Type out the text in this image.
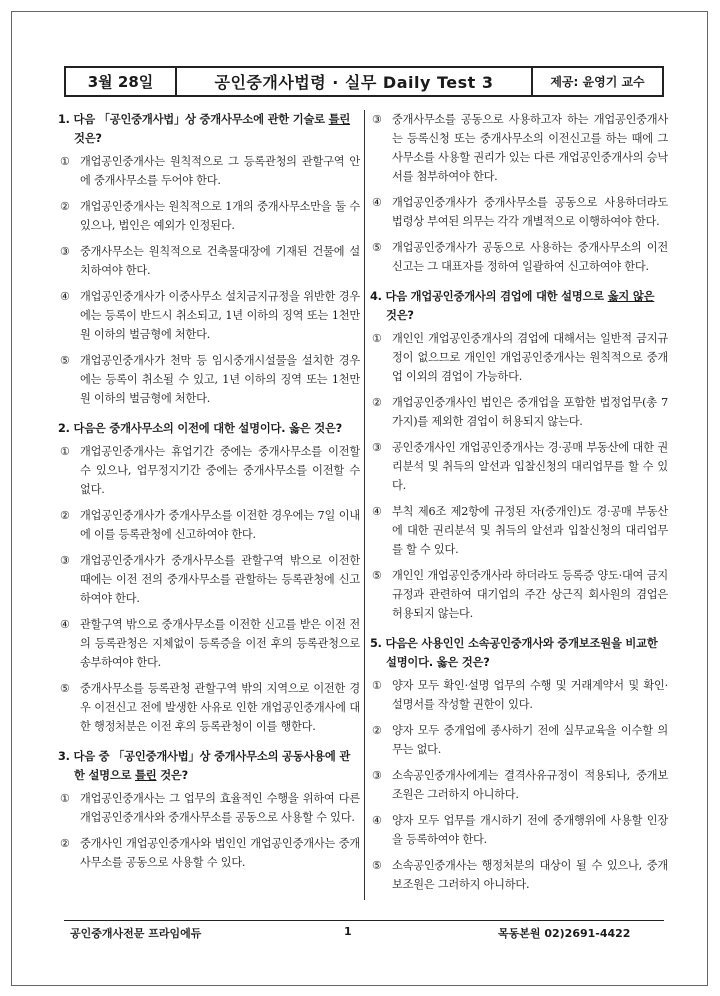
3월 28일	공인중개사법령 · 실무 Daily Test 3	제공: 윤영기 교수
1. 다음 「공인중개사법」상 중개사무소에 관한 기술로 틀린 것은?
① 개업공인중개사는 원칙적으로 그 등록관청의 관할구역 안에 중개사무소를 두어야 한다.
② 개업공인중개사는 원칙적으로 1개의 중개사무소만을 둘 수 있으나, 법인은 예외가 인정된다.
③ 중개사무소는 원칙적으로 건축물대장에 기재된 건물에 설치하여야 한다.
④ 개업공인중개사가 이중사무소 설치금지규정을 위반한 경우에는 등록이 반드시 취소되고, 1년 이하의 징역 또는 1천만원 이하의 벌금형에 처한다.
⑤ 개업공인중개사가 천막 등 임시중개시설물을 설치한 경우에는 등록이 취소될 수 있고, 1년 이하의 징역 또는 1천만원 이하의 벌금형에 처한다.
2. 다음은 중개사무소의 이전에 대한 설명이다. 옳은 것은?
① 개업공인중개사는 휴업기간 중에는 중개사무소를 이전할 수 있으나, 업무정지기간 중에는 중개사무소를 이전할 수 없다.
② 개업공인중개사가 중개사무소를 이전한 경우에는 7일 이내에 이를 등록관청에 신고하여야 한다.
③ 개업공인중개사가 중개사무소를 관할구역 밖으로 이전한 때에는 이전 전의 중개사무소를 관할하는 등록관청에 신고하여야 한다.
④ 관할구역 밖으로 중개사무소를 이전한 신고를 받은 이전 전의 등록관청은 지체없이 등록증을 이전 후의 등록관청으로 송부하여야 한다.
⑤ 중개사무소를 등록관청 관할구역 밖의 지역으로 이전한 경우 이전신고 전에 발생한 사유로 인한 개업공인중개사에 대한 행정처분은 이전 후의 등록관청이 이를 행한다.
3. 다음 중 「공인중개사법」상 중개사무소의 공동사용에 관한 설명으로 틀린 것은?
① 개업공인중개사는 그 업무의 효율적인 수행을 위하여 다른 개업공인중개사와 중개사무소를 공동으로 사용할 수 있다.
② 중개사인 개업공인중개사와 법인인 개업공인중개사는 중개사무소를 공동으로 사용할 수 있다.
③ 중개사무소를 공동으로 사용하고자 하는 개업공인중개사는 등록신청 또는 중개사무소의 이전신고를 하는 때에 그 사무소를 사용할 권리가 있는 다른 개업공인중개사의 승낙서를 첨부하여야 한다.
④ 개업공인중개사가 중개사무소를 공동으로 사용하더라도 법령상 부여된 의무는 각각 개별적으로 이행하여야 한다.
⑤ 개업공인중개사가 공동으로 사용하는 중개사무소의 이전신고는 그 대표자를 정하여 일괄하여 신고하여야 한다.
4. 다음 개업공인중개사의 겸업에 대한 설명으로 옳지 않은 것은?
① 개인인 개업공인중개사의 겸업에 대해서는 일반적 금지규정이 없으므로 개인인 개업공인중개사는 원칙적으로 중개업 이외의 겸업이 가능하다.
② 개업공인중개사인 법인은 중개업을 포함한 법정업무(총 7가지)를 제외한 겸업이 허용되지 않는다.
③ 공인중개사인 개업공인중개사는 경·공매 부동산에 대한 권리분석 및 취득의 알선과 입찰신청의 대리업무를 할 수 있다.
④ 부칙 제6조 제2항에 규정된 자(중개인)도 경·공매 부동산에 대한 권리분석 및 취득의 알선과 입찰신청의 대리업무를 할 수 있다.
⑤ 개인인 개업공인중개사라 하더라도 등록증 양도·대여 금지규정과 관련하여 대기업의 주간 상근직 회사원의 겸업은 허용되지 않는다.
5. 다음은 사용인인 소속공인중개사와 중개보조원을 비교한 설명이다. 옳은 것은?
① 양자 모두 확인·설명 업무의 수행 및 거래계약서 및 확인·설명서를 작성할 권한이 있다.
② 양자 모두 중개업에 종사하기 전에 실무교육을 이수할 의무는 없다.
③ 소속공인중개사에게는 결격사유규정이 적용되나, 중개보조원은 그러하지 아니하다.
④ 양자 모두 업무를 개시하기 전에 중개행위에 사용할 인장을 등록하여야 한다.
⑤ 소속공인중개사는 행정처분의 대상이 될 수 있으나, 중개보조원은 그러하지 아니하다.
공인중개사전문 프라임에듀	1	목동본원 02)2691-4422
